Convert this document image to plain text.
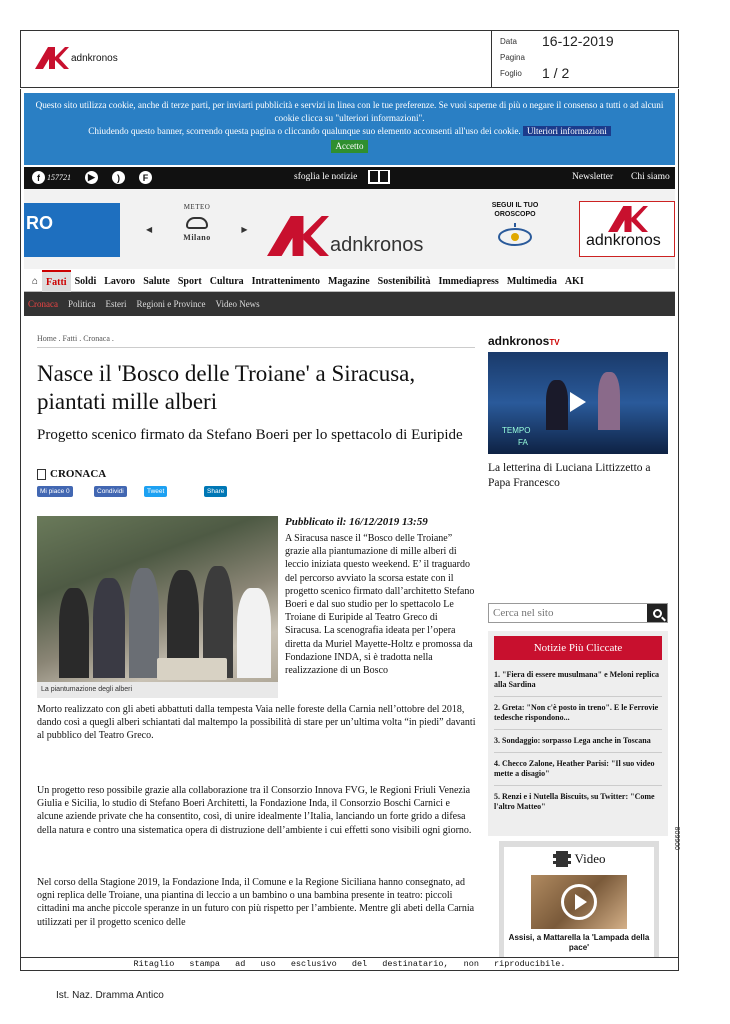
adnkronos
Data 16-12-2019
Pagina
Foglio 1 / 2
Questo sito utilizza cookie, anche di terze parti, per inviarti pubblicità e servizi in linea con le tue preferenze. Se vuoi saperne di più o negare il consenso a tutti o ad alcuni cookie clicca su "ulteriori informazioni".
Chiudendo questo banner, scorrendo questa pagina o cliccando qualunque suo elemento acconsenti all'uso dei cookie. Ulteriori informazioni
Accetto
f 157721	▶	)	F	sfoglia le notizie	Newsletter Chi siamo
RO
METEO
◀	▶
Milano	adnkronos
SEGUI IL TUO OROSCOPO
adnkronos
⌂ Fatti Soldi Lavoro Salute Sport Cultura Intrattenimento Magazine Sostenibilità Immediapress Multimedia AKI
Cronaca Politica Esteri Regioni e Province Video News
Home . Fatti . Cronaca .
Nasce il 'Bosco delle Troiane' a Siracusa, piantati mille alberi
Progetto scenico firmato da Stefano Boeri per lo spettacolo di Euripide
CRONACA
Mi piace 0	Condividi	Tweet	Share
La piantumazione degli alberi
Pubblicato il: 16/12/2019 13:59

A Siracusa nasce il “Bosco delle Troiane” grazie alla piantumazione di mille alberi di leccio iniziata questo weekend. E’ il traguardo del percorso avviato la scorsa estate con il progetto scenico firmato dall’architetto Stefano Boeri e dal suo studio per lo spettacolo Le Troiane di Euripide al Teatro Greco di Siracusa. La scenografia ideata per l’opera diretta da Muriel Mayette-Holtz e promossa da Fondazione INDA, si è tradotta nella realizzazione di un Bosco

Morto realizzato con gli abeti abbattuti dalla tempesta Vaia nelle foreste della Carnia nell’ottobre del 2018, dando così a quegli alberi schiantati dal maltempo la possibilità di stare per un’ultima volta “in piedi” davanti al pubblico del Teatro Greco.

Un progetto reso possibile grazie alla collaborazione tra il Consorzio Innova FVG, le Regioni Friuli Venezia Giulia e Sicilia, lo studio di Stefano Boeri Architetti, la Fondazione Inda, il Consorzio Boschi Carnici e alcune aziende private che ha consentito, così, di unire idealmente l’Italia, lanciando un forte grido a difesa della natura e contro una sistematica opera di distruzione dell’ambiente i cui effetti sono visibili ogni giorno.

Nel corso della Stagione 2019, la Fondazione Inda, il Comune e la Regione Siciliana hanno consegnato, ad ogni replica delle Troiane, una piantina di leccio a un bambino o una bambina presente in teatro: piccoli cittadini ma anche piccole speranze in un futuro con più rispetto per l’ambiente. Mentre gli abeti della Carnia utilizzati per il progetto scenico delle

adnkronosTV
TEMPO
FA
La letterina di Luciana Littizzetto a Papa Francesco
Cerca nel sito
Notizie Più Cliccate
1. "Fiera di essere musulmana" e Meloni replica alla Sardina
2. Greta: "Non c'è posto in treno". E le Ferrovie tedesche rispondono...
3. Sondaggio: sorpasso Lega anche in Toscana
4. Checco Zalone, Heather Parisi: "Il suo video mette a disagio"
5. Renzi e i Nutella Biscuits, su Twitter: "Come l'altro Matteo"
Video
Assisi, a Mattarella la 'Lampada della pace'
Ritaglio stampa ad uso esclusivo del destinatario, non riproducibile.
006608
Ist. Naz. Dramma Antico
